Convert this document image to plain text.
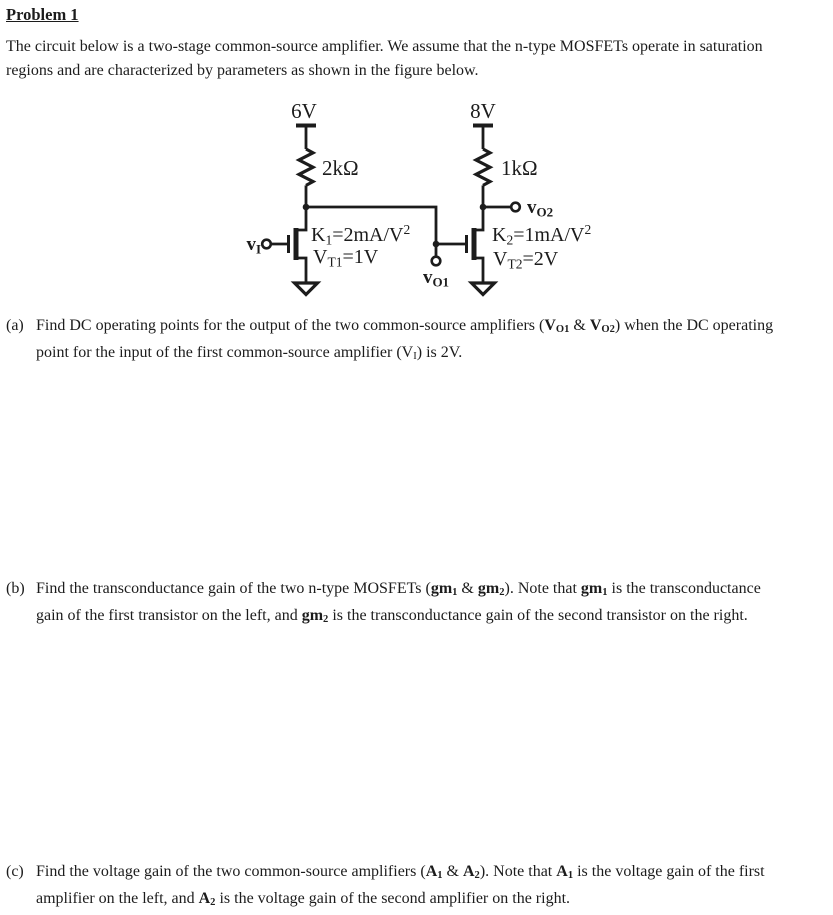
Problem 1
The circuit below is a two-stage common-source amplifier. We assume that the n-type MOSFETs operate in saturation
regions and are characterized by parameters as shown in the figure below.
6V
2kΩ
$v_I$
$K_1=2mA/V^2$
$V_{T1}=1V$
$v_{O1}$
8V
1kΩ
$v_{O2}$
$K_2=1mA/V^2$
$V_{T2}=2V$
(a) Find DC operating points for the output of the two common-source amplifiers (VO1 & VO2) when the DC operating
point for the input of the first common-source amplifier (VI) is 2V.
(b) Find the transconductance gain of the two n-type MOSFETs (gm1 & gm2). Note that gm1 is the transconductance
gain of the first transistor on the left, and gm2 is the transconductance gain of the second transistor on the right.
(c) Find the voltage gain of the two common-source amplifiers (A1 & A2). Note that A1 is the voltage gain of the first
amplifier on the left, and A2 is the voltage gain of the second amplifier on the right.
